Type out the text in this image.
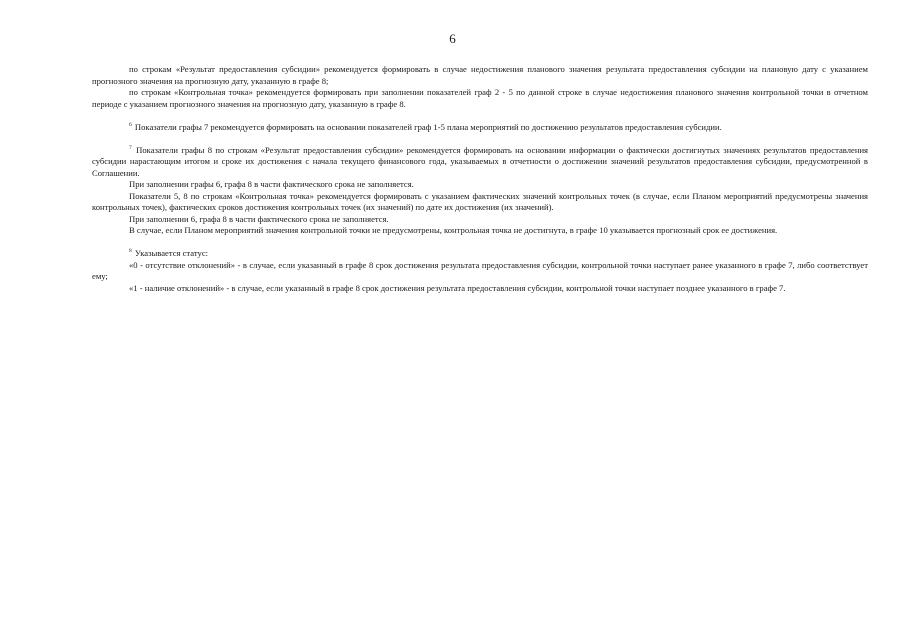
6

по строкам «Результат предоставления субсидии» рекомендуется формировать в случае недостижения планового значения результата предоставления субсидии на плановую дату с указанием прогнозного значения на прогнозную дату, указанную в графе 8;

по строкам «Контрольная точка» рекомендуется формировать при заполнении показателей граф 2 - 5 по данной строке в случае недостижения планового значения контрольной точки в отчетном периоде с указанием прогнозного значения на прогнозную дату, указанную в графе 8.

$^6$ Показатели графы 7 рекомендуется формировать на основании показателей граф 1-5 плана мероприятий по достижению результатов предоставления субсидии.

$^7$ Показатели графы 8 по строкам «Результат предоставления субсидии» рекомендуется формировать на основании информации о фактически достигнутых значениях результатов предоставления субсидии нарастающим итогом и сроке их достижения с начала текущего финансового года, указываемых в отчетности о достижении значений результатов предоставления субсидии, предусмотренной в Соглашении.

При заполнении графы 6, графа 8 в части фактического срока не заполняется.

Показатели 5, 8 по строкам «Контрольная точка» рекомендуется формировать с указанием фактических значений контрольных точек (в случае, если Планом мероприятий предусмотрены значения контрольных точек), фактических сроков достижения контрольных точек (их значений) по дате их достижения (их значений).

При заполнении 6, графа 8 в части фактического срока не заполняется.

В случае, если Планом мероприятий значения контрольной точки не предусмотрены, контрольная точка не достигнута, в графе 10 указывается прогнозный срок ее достижения.

$^8$ Указывается статус:

«0 - отсутствие отклонений» - в случае, если указанный в графе 8 срок достижения результата предоставления субсидии, контрольной точки наступает ранее указанного в графе 7, либо соответствует ему;

«1 - наличие отклонений» - в случае, если указанный в графе 8 срок достижения результата предоставления субсидии, контрольной точки наступает позднее указанного в графе 7.
